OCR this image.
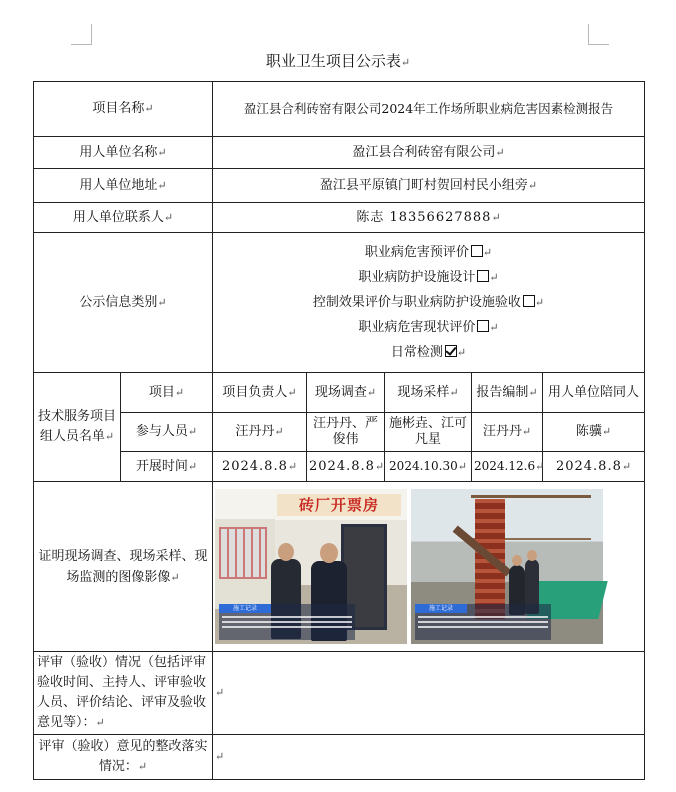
职业卫生项目公示表↵
项目名称↵		盈江县合利砖窑有限公司2024年工作场所职业病危害因素检测报告				
用人单位名称↵		盈江县合利砖窑有限公司↵				
用人单位地址↵		盈江县平原镇门町村贺回村民小组旁↵				
用人单位联系人↵		陈志 18356627888↵				
公示信息类别↵		职业病危害预评价 ↵
职业病防护设施设计 ↵
控制效果评价与职业病防护设施验收 ↵
职业病危害现状评价 ↵
日常检测 ↵				

技术服务项目组人员名单↵	项目↵	项目负责人↵	现场调查↵	现场采样↵	报告编制↵	用人单位陪同人
	参与人员↵	汪丹丹↵	汪丹丹、严俊伟	施彬垚、江可凡星	汪丹丹↵	陈骥↵
	开展时间↵	2024.8.8↵	2024.8.8↵	2024.10.30↵	2024.12.6↵	2024.8.8↵
证明现场调查、现场采样、现场监测的图像影像↵		砖厂开票房
施工记录 施工记录				

评审（验收）情况（包括评审验收时间、主持人、评审验收人员、评价结论、评审及验收意见等）：↵		↵				
评审（验收）意见的整改落实情况：↵		↵				
